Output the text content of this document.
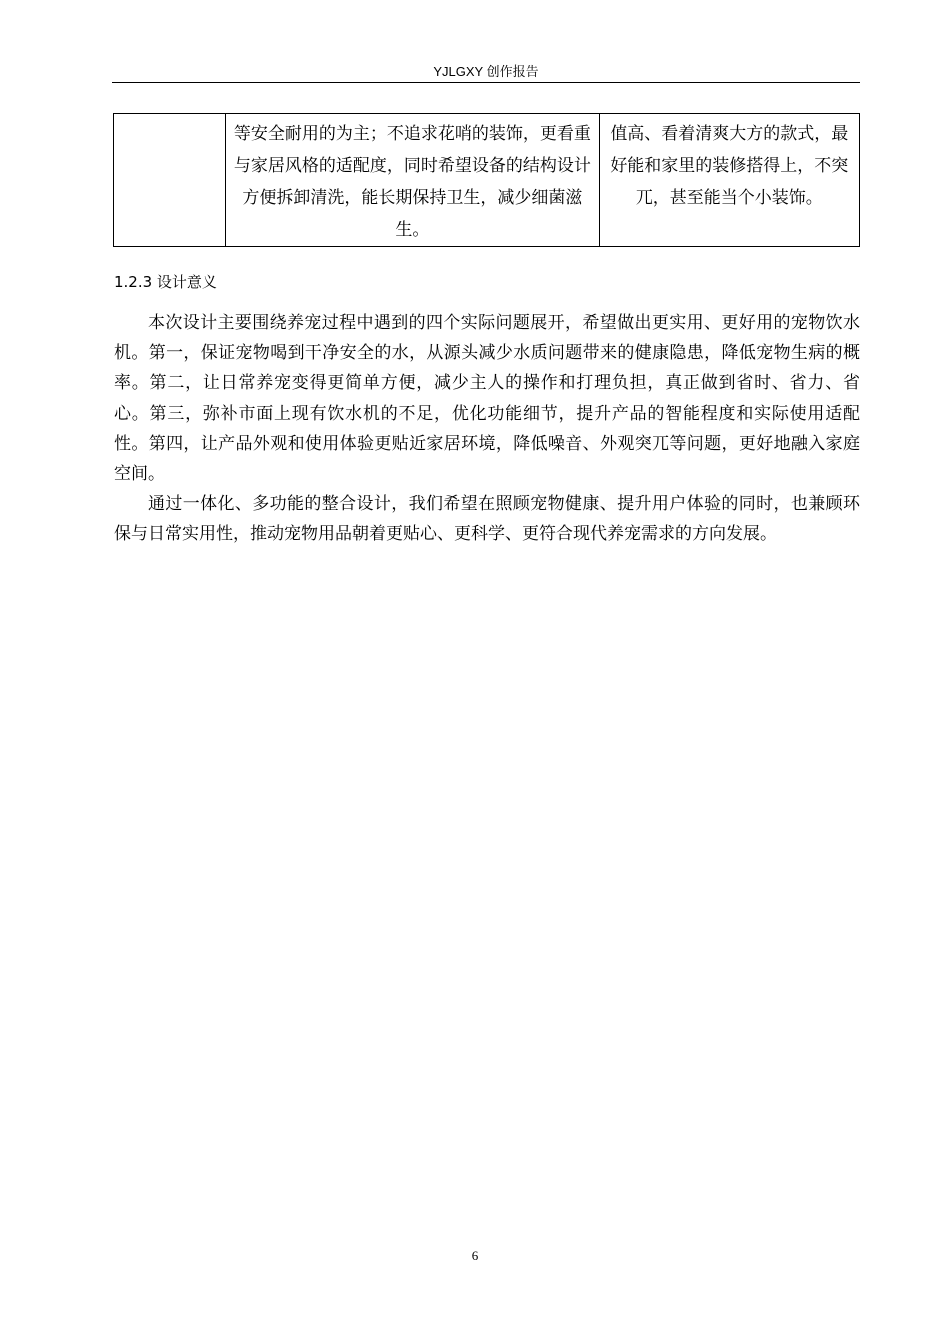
YJLGXY 创作报告
	等安全耐用的为主；不追求花哨的装饰，更看重与家居风格的适配度，同时希望设备的结构设计方便拆卸清洗，能长期保持卫生，减少细菌滋生。	值高、看着清爽大方的款式，最好能和家里的装修搭得上，不突兀，甚至能当个小装饰。
1.2.3 设计意义

本次设计主要围绕养宠过程中遇到的四个实际问题展开，希望做出更实用、更好用的宠物饮水机。第一，保证宠物喝到干净安全的水，从源头减少水质问题带来的健康隐患，降低宠物生病的概率。第二，让日常养宠变得更简单方便，减少主人的操作和打理负担，真正做到省时、省力、省心。第三，弥补市面上现有饮水机的不足，优化功能细节，提升产品的智能程度和实际使用适配性。第四，让产品外观和使用体验更贴近家居环境，降低噪音、外观突兀等问题，更好地融入家庭空间。

通过一体化、多功能的整合设计，我们希望在照顾宠物健康、提升用户体验的同时，也兼顾环保与日常实用性，推动宠物用品朝着更贴心、更科学、更符合现代养宠需求的方向发展。

6
